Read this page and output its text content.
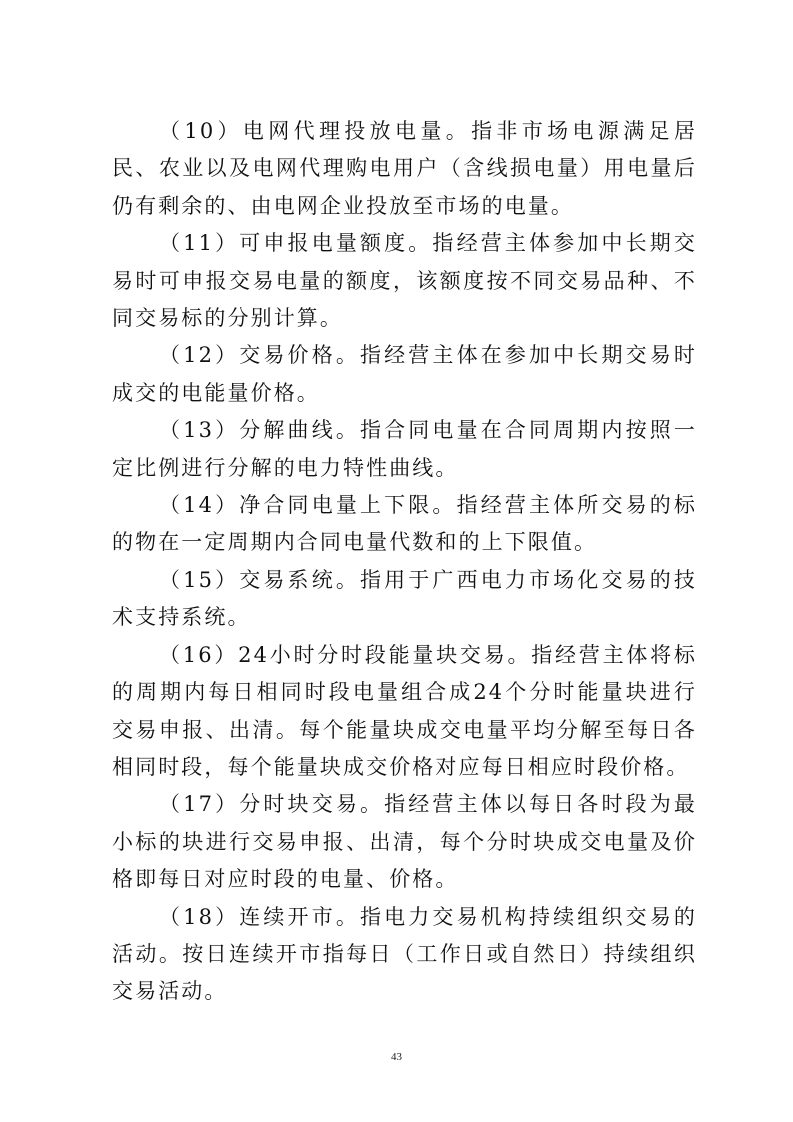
（10）电网代理投放电量。指非市场电源满足居民、农业以及电网代理购电用户（含线损电量）用电量后仍有剩余的、由电网企业投放至市场的电量。

（11）可申报电量额度。指经营主体参加中长期交易时可申报交易电量的额度，该额度按不同交易品种、不同交易标的分别计算。

（12）交易价格。指经营主体在参加中长期交易时成交的电能量价格。

（13）分解曲线。指合同电量在合同周期内按照一定比例进行分解的电力特性曲线。

（14）净合同电量上下限。指经营主体所交易的标的物在一定周期内合同电量代数和的上下限值。

（15）交易系统。指用于广西电力市场化交易的技术支持系统。

（16）24小时分时段能量块交易。指经营主体将标的周期内每日相同时段电量组合成24个分时能量块进行交易申报、出清。每个能量块成交电量平均分解至每日各相同时段，每个能量块成交价格对应每日相应时段价格。

（17）分时块交易。指经营主体以每日各时段为最小标的块进行交易申报、出清，每个分时块成交电量及价格即每日对应时段的电量、价格。

（18）连续开市。指电力交易机构持续组织交易的活动。按日连续开市指每日（工作日或自然日）持续组织交易活动。

43
